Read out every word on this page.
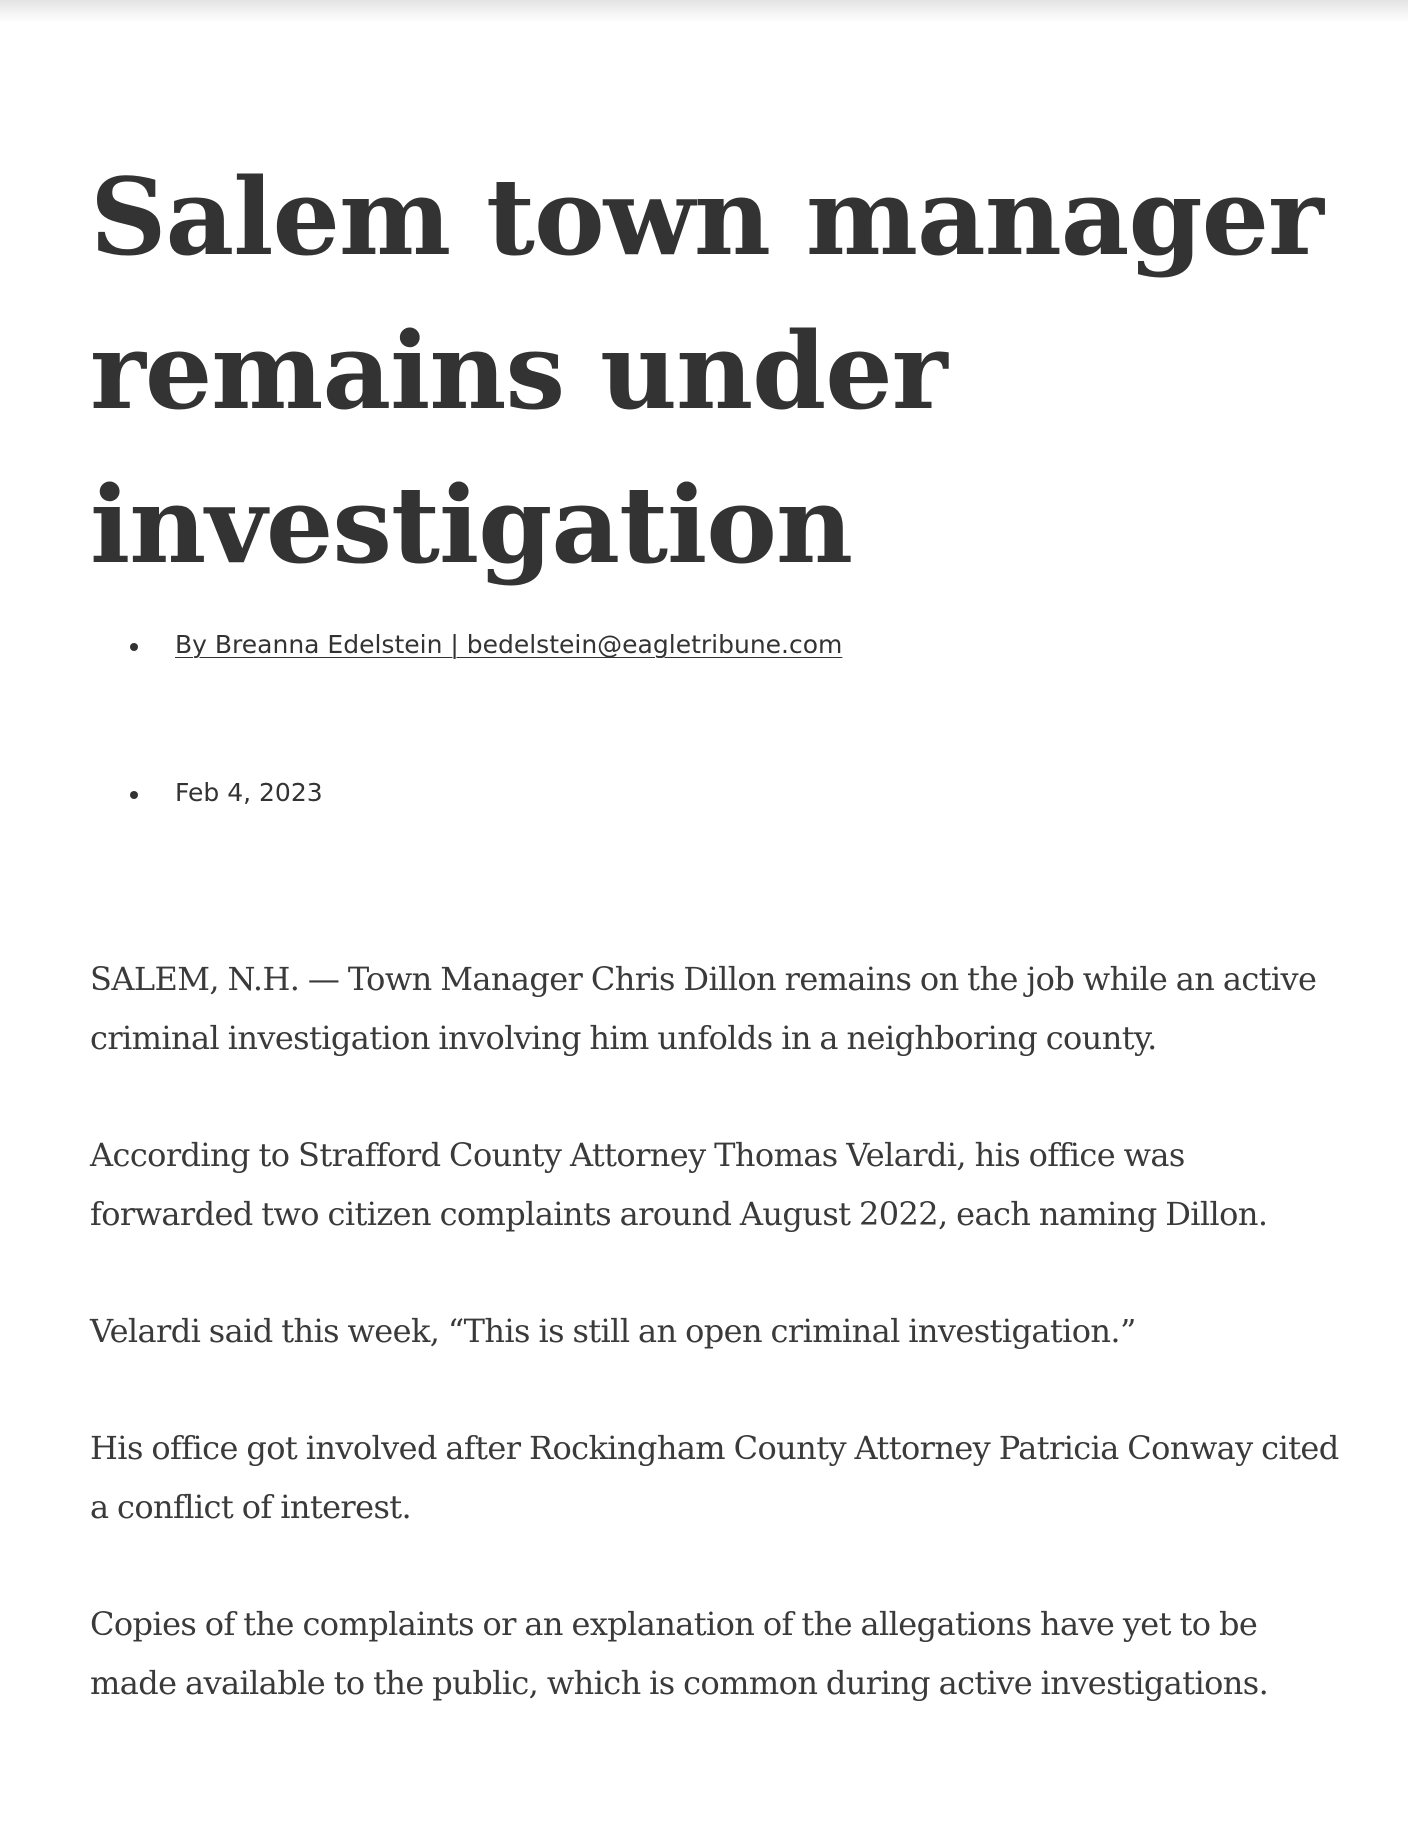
Salem town manager remains under investigation
By Breanna Edelstein | bedelstein@eagletribune.com
Feb 4, 2023

SALEM, N.H. — Town Manager Chris Dillon remains on the job while an active criminal investigation involving him unfolds in a neighboring county.

According to Strafford County Attorney Thomas Velardi, his office was forwarded two citizen complaints around August 2022, each naming Dillon.

Velardi said this week, “This is still an open criminal investigation.”

His office got involved after Rockingham County Attorney Patricia Conway cited a conflict of interest.

Copies of the complaints or an explanation of the allegations have yet to be made available to the public, which is common during active investigations.
